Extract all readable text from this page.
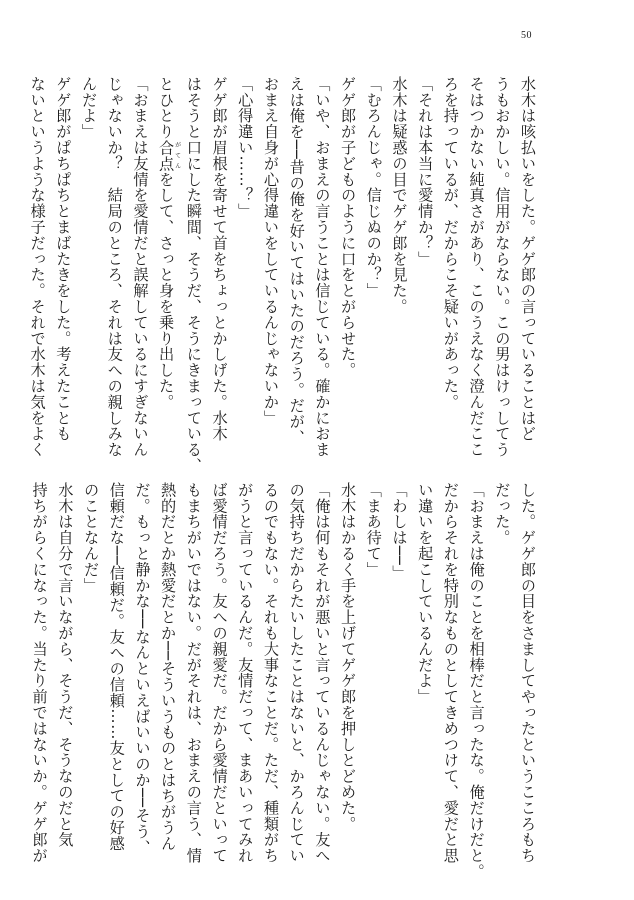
50
水木は咳払いをした。ゲゲ郎の言っていることはど
うもおかしい。信用がならない。この男はけっしてう
そはつかない純真さがあり、このうえなく澄んだここ
ろを持っているが、だからこそ疑いがあった。
「それは本当に愛情か？」
水木は疑惑の目でゲゲ郎を見た。
「むろんじゃ。信じぬのか？」
ゲゲ郎が子どものように口をとがらせた。
「いや、おまえの言うことは信じている。確かにおま
えは俺を──昔の俺を好いてはいたのだろう。だが、
おまえ自身が心得違いをしているんじゃないか」
「心得違い……？」
ゲゲ郎が眉根を寄せて首をちょっとかしげた。水木
はそうと口にした瞬間、そうだ、そうにきまっている、
とひとり合点がてんをして、さっと身を乗り出した。
「おまえは友情を愛情だと誤解しているにすぎないん
じゃないか？　結局のところ、それは友への親しみな
んだよ」
ゲゲ郎がぱちぱちとまばたきをした。考えたことも
ないというような様子だった。それで水木は気をよく
した。ゲゲ郎の目をさましてやったというこころもち
だった。
「おまえは俺のことを相棒だと言ったな。俺だけだと。
だからそれを特別なものとしてきめつけて、愛だと思
い違いを起こしているんだよ」
「わしは──」
「まあ待て」
水木はかるく手を上げてゲゲ郎を押しとどめた。
「俺は何もそれが悪いと言っているんじゃない。友へ
の気持ちだからたいしたことはないと、かろんじてい
るのでもない。それも大事なことだ。ただ、種類がち
がうと言っているんだ。友情だって、まあいってみれ
ば愛情だろう。友への親愛だ。だから愛情だといって
もまちがいではない。だがそれは、おまえの言う、情
熱的だとか熱愛だとか──そういうものとはちがうん
だ。もっと静かな──なんといえばいいのか──そう、
信頼だな──信頼だ。友への信頼……友としての好感
のことなんだ」
水木は自分で言いながら、そうだ、そうなのだと気
持ちがらくになった。当たり前ではないか。ゲゲ郎が
